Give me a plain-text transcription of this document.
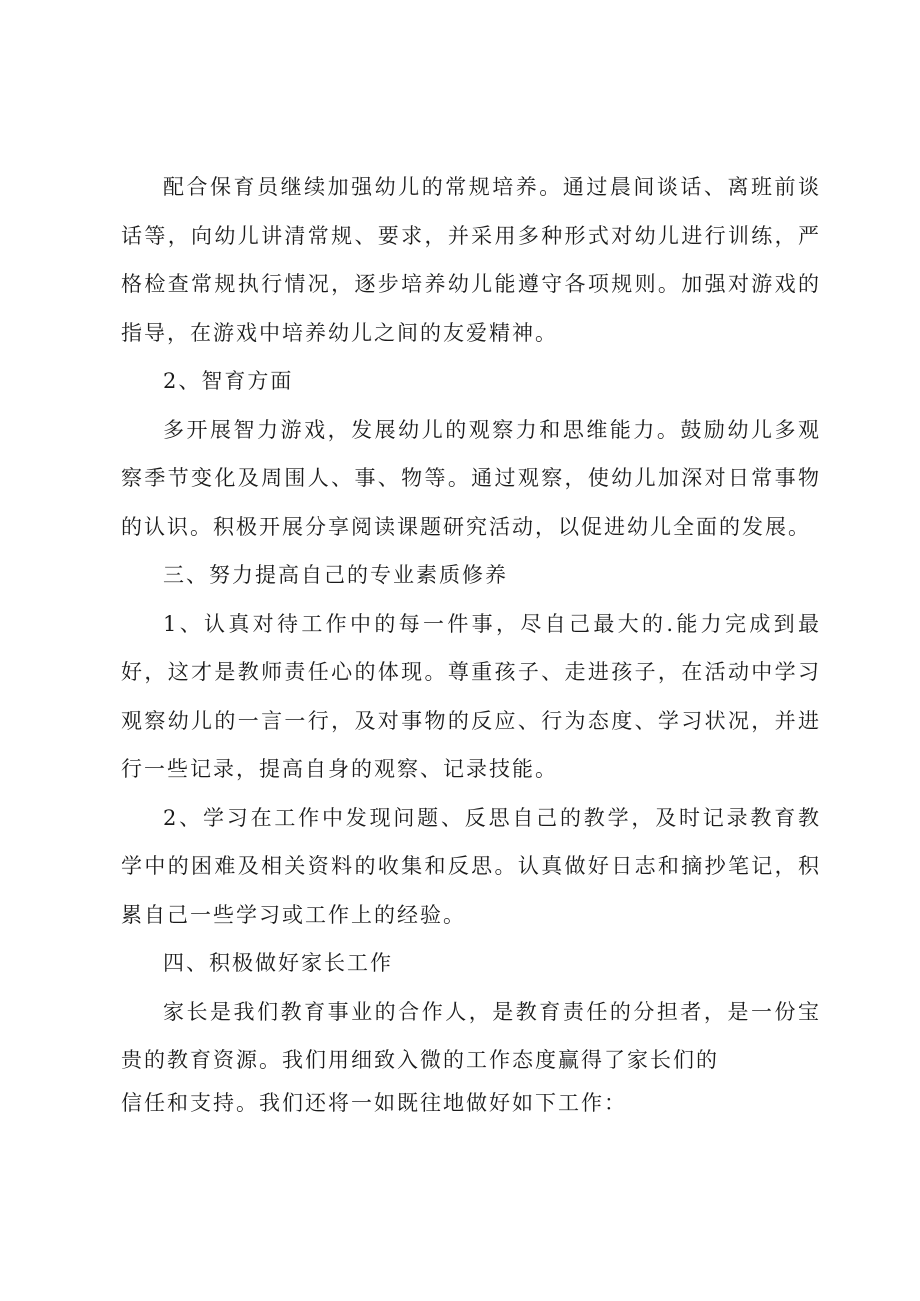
配合保育员继续加强幼儿的常规培养。通过晨间谈话、离班前谈话等，向幼儿讲清常规、要求，并采用多种形式对幼儿进行训练，严格检查常规执行情况，逐步培养幼儿能遵守各项规则。加强对游戏的指导，在游戏中培养幼儿之间的友爱精神。

2、智育方面

多开展智力游戏，发展幼儿的观察力和思维能力。鼓励幼儿多观察季节变化及周围人、事、物等。通过观察，使幼儿加深对日常事物的认识。积极开展分享阅读课题研究活动，以促进幼儿全面的发展。

三、努力提高自己的专业素质修养

1、认真对待工作中的每一件事，尽自己最大的.能力完成到最好，这才是教师责任心的体现。尊重孩子、走进孩子，在活动中学习观察幼儿的一言一行，及对事物的反应、行为态度、学习状况，并进行一些记录，提高自身的观察、记录技能。

2、学习在工作中发现问题、反思自己的教学，及时记录教育教学中的困难及相关资料的收集和反思。认真做好日志和摘抄笔记，积累自己一些学习或工作上的经验。

四、积极做好家长工作

家长是我们教育事业的合作人，是教育责任的分担者，是一份宝贵的教育资源。我们用细致入微的工作态度赢得了家长们的

信任和支持。我们还将一如既往地做好如下工作：
